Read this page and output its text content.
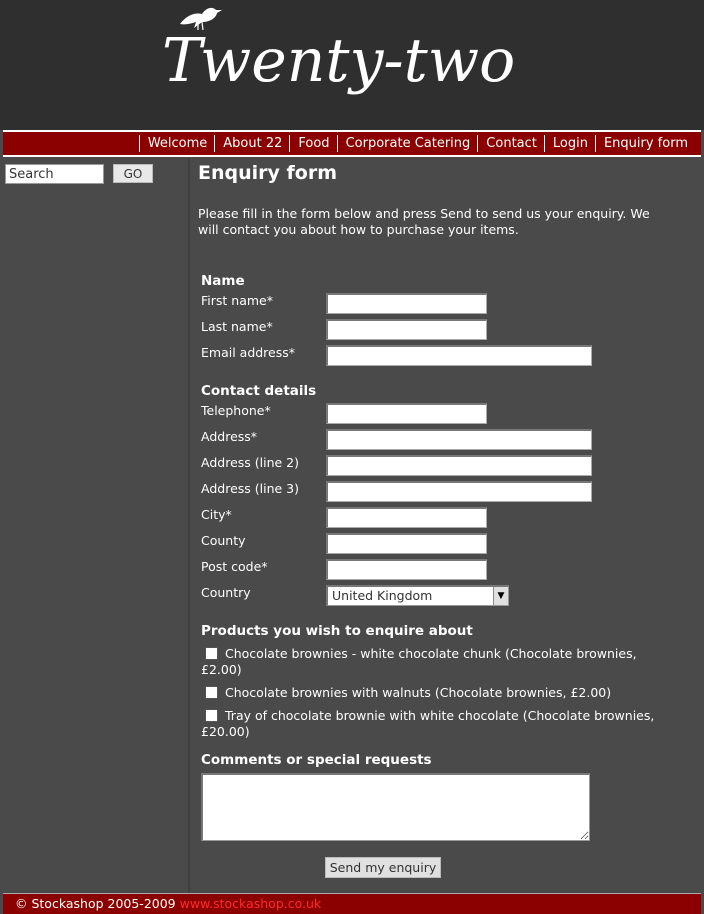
Twenty-two
Welcome	About 22	Food	Corporate Catering	Contact	Login	Enquiry form
Search
GO	Enquiry form
Please fill in the form below and press Send to send us your enquiry. We will contact you about how to purchase your items.
Name
First name*
Last name*
Email address*
Contact details
Telephone*
Address*
Address (line 2)
Address (line 3)
City*
County
Post code*
Country	United Kingdom	▼
Products you wish to enquire about
Chocolate brownies - white chocolate chunk (Chocolate brownies, £2.00)
Chocolate brownies with walnuts (Chocolate brownies, £2.00)
Tray of chocolate brownie with white chocolate (Chocolate brownies, £20.00)
Comments or special requests
Send my enquiry
© Stockashop 2005-2009 www.stockashop.co.uk
